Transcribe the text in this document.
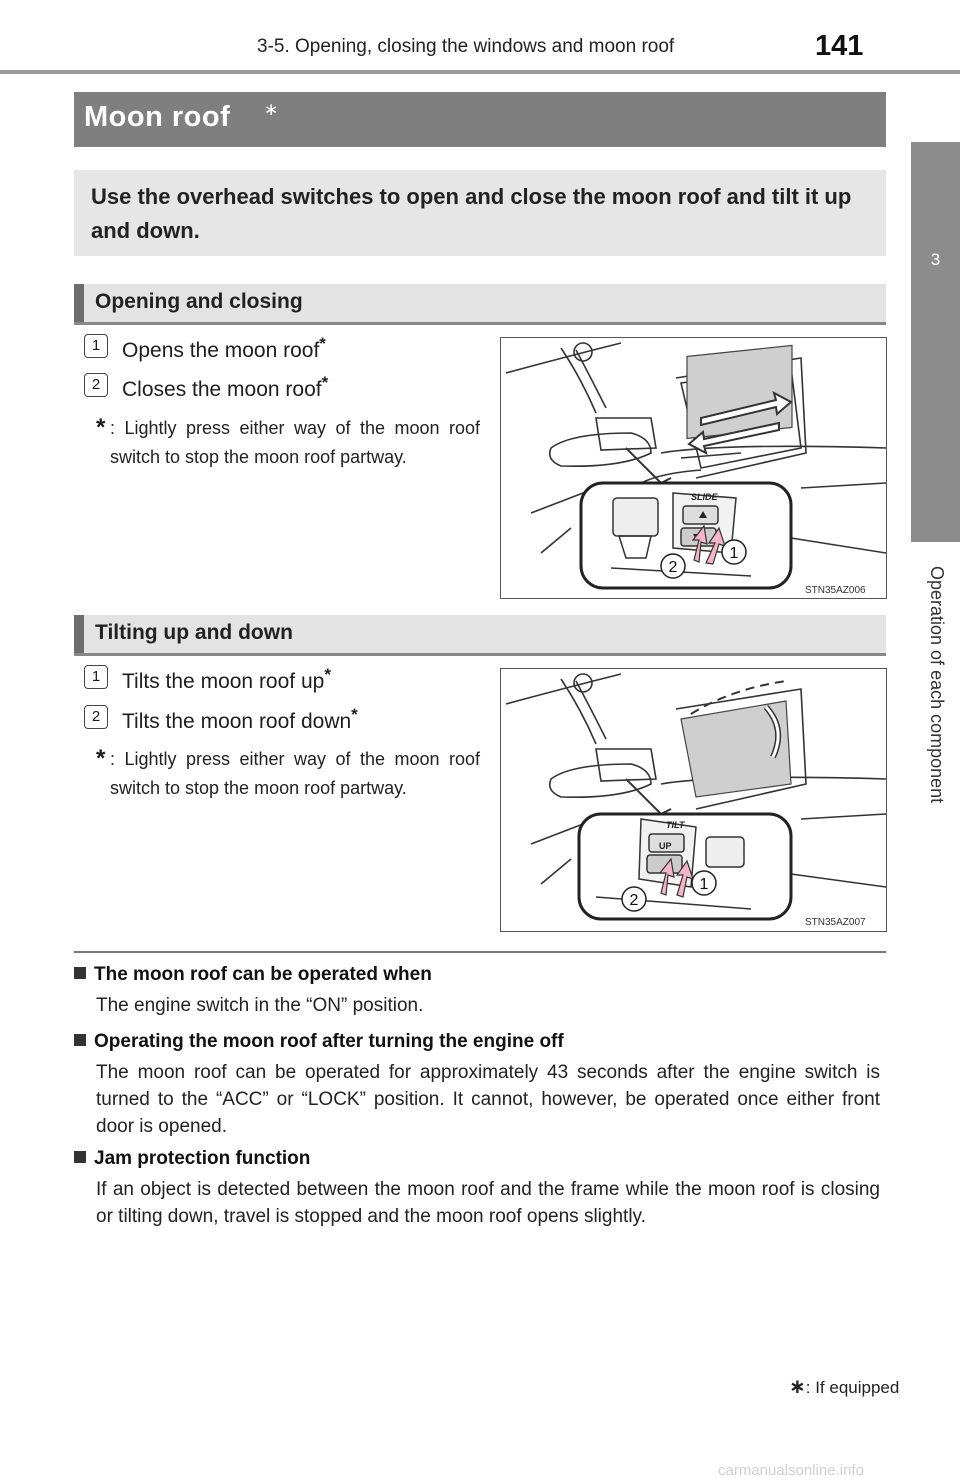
3-5. Opening, closing the windows and moon roof	141
3
Operation of each component
Moon roof ∗
Use the overhead switches to open and close the moon roof and tilt it up and down.
Opening and closing
1	Opens the moon roof*
2	Closes the moon roof*
* : Lightly press either way of the moon roof switch to stop the moon roof partway.
SLIDE
1
2
STN35AZ006
Tilting up and down
1	Tilts the moon roof up*
2	Tilts the moon roof down*
* : Lightly press either way of the moon roof switch to stop the moon roof partway.
TILT
UP
1
2
STN35AZ007
The moon roof can be operated when
The engine switch in the “ON” position.
Operating the moon roof after turning the engine off
The moon roof can be operated for approximately 43 seconds after the engine switch is turned to the “ACC” or “LOCK” position. It cannot, however, be operated once either front door is opened.
Jam protection function
If an object is detected between the moon roof and the frame while the moon roof is closing or tilting down, travel is stopped and the moon roof opens slightly.
∗: If equipped
carmanualsonline.info
